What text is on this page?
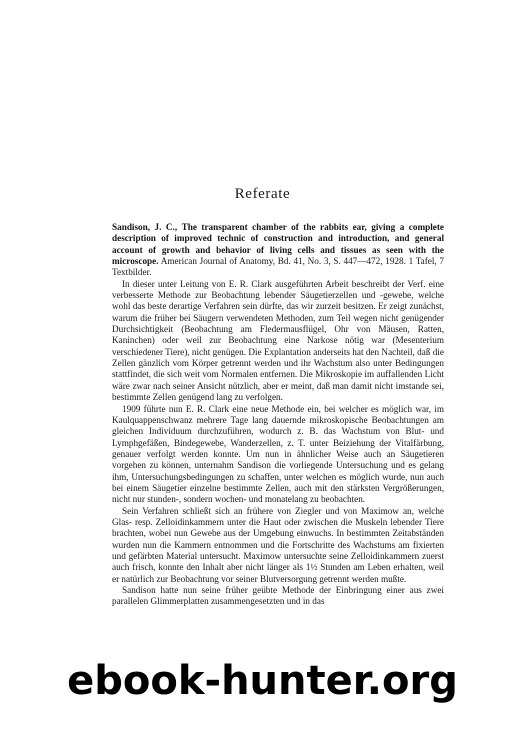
Referate

Sandison, J. C., The transparent chamber of the rabbits ear, giving a complete description of improved technic of construction and introduction, and general account of growth and behavior of living cells and tissues as seen with the microscope. American Journal of Anatomy, Bd. 41, No. 3, S. 447—472, 1928. 1 Tafel, 7 Textbilder.

In dieser unter Leitung von E. R. Clark ausgeführten Arbeit beschreibt der Verf. eine verbesserte Methode zur Beobachtung lebender Säugetierzellen und -gewebe, welche wohl das beste derartige Verfahren sein dürfte, das wir zurzeit besitzen. Er zeigt zunächst, warum die früher bei Säugern verwendeten Methoden, zum Teil wegen nicht genügender Durchsichtigkeit (Beobachtung am Fledermausflügel, Ohr von Mäusen, Ratten, Kaninchen) oder weil zur Beobachtung eine Narkose nötig war (Mesenterium verschiedener Tiere), nicht genügen. Die Explantation anderseits hat den Nachteil, daß die Zellen gänzlich vom Körper getrennt werden und ihr Wachstum also unter Bedingungen stattfindet, die sich weit vom Normalen entfernen. Die Mikroskopie im auffallenden Licht wäre zwar nach seiner Ansicht nützlich, aber er meint, daß man damit nicht imstande sei, bestimmte Zellen genügend lang zu verfolgen.

1909 führte nun E. R. Clark eine neue Methode ein, bei welcher es möglich war, im Kaulquappenschwanz mehrere Tage lang dauernde mikroskopische Beobachtungen am gleichen Individuum durchzuführen, wodurch z. B. das Wachstum von Blut- und Lymphgefäßen, Bindegewebe, Wanderzellen, z. T. unter Beiziehung der Vitalfärbung, genauer verfolgt werden konnte. Um nun in ähnlicher Weise auch an Säugetieren vorgehen zu können, unternahm Sandison die vorliegende Untersuchung und es gelang ihm, Untersuchungsbedingungen zu schaffen, unter welchen es möglich wurde, nun auch bei einem Säugetier einzelne bestimmte Zellen, auch mit den stärksten Vergrößerungen, nicht nur stunden-, sondern wochen- und monatelang zu beobachten.

Sein Verfahren schließt sich an frühere von Ziegler und von Maximow an, welche Glas- resp. Zelloidinkammern unter die Haut oder zwischen die Muskeln lebender Tiere brachten, wobei nun Gewebe aus der Umgebung einwuchs. In bestimmten Zeitabständen wurden nun die Kammern entnommen und die Fortschritte des Wachstums am fixierten und gefärbten Material untersucht. Maximow untersuchte seine Zelloidinkammern zuerst auch frisch, konnte den Inhalt aber nicht länger als 1½ Stunden am Leben erhalten, weil er natürlich zur Beobachtung vor seiner Blutversorgung getrennt werden mußte.

Sandison hatte nun seine früher geübte Methode der Einbringung einer aus zwei parallelen Glimmerplatten zusammengesetzten und in das

ebook-hunter.org
